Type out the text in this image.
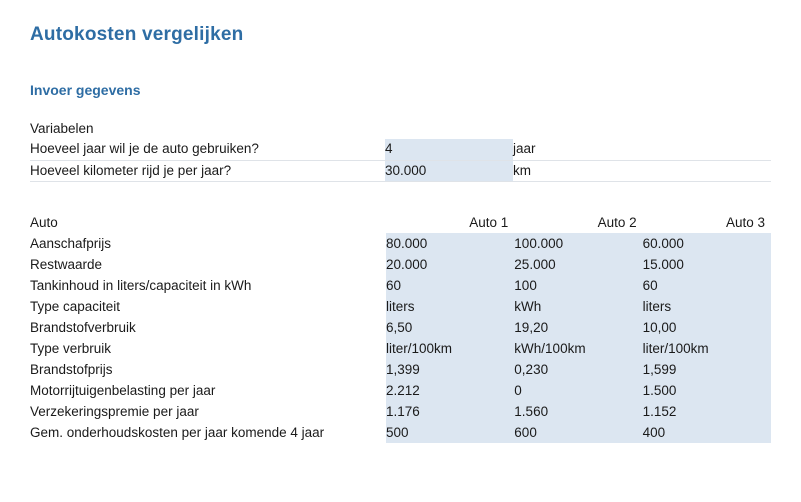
Autokosten vergelijken
Invoer gegevens
Variabelen			
Hoeveel jaar wil je de auto gebruiken?	4	jaar	
Hoeveel kilometer rijd je per jaar?	30.000	km	
Auto	Auto 1	Auto 2	Auto 3
Aanschafprijs	80.000	100.000	60.000
Restwaarde	20.000	25.000	15.000
Tankinhoud in liters/capaciteit in kWh	60	100	60
Type capaciteit	liters	kWh	liters
Brandstofverbruik	6,50	19,20	10,00
Type verbruik	liter/100km	kWh/100km	liter/100km
Brandstofprijs	1,399	0,230	1,599
Motorrijtuigenbelasting per jaar	2.212	0	1.500
Verzekeringspremie per jaar	1.176	1.560	1.152
Gem. onderhoudskosten per jaar komende 4 jaar	500	600	400
